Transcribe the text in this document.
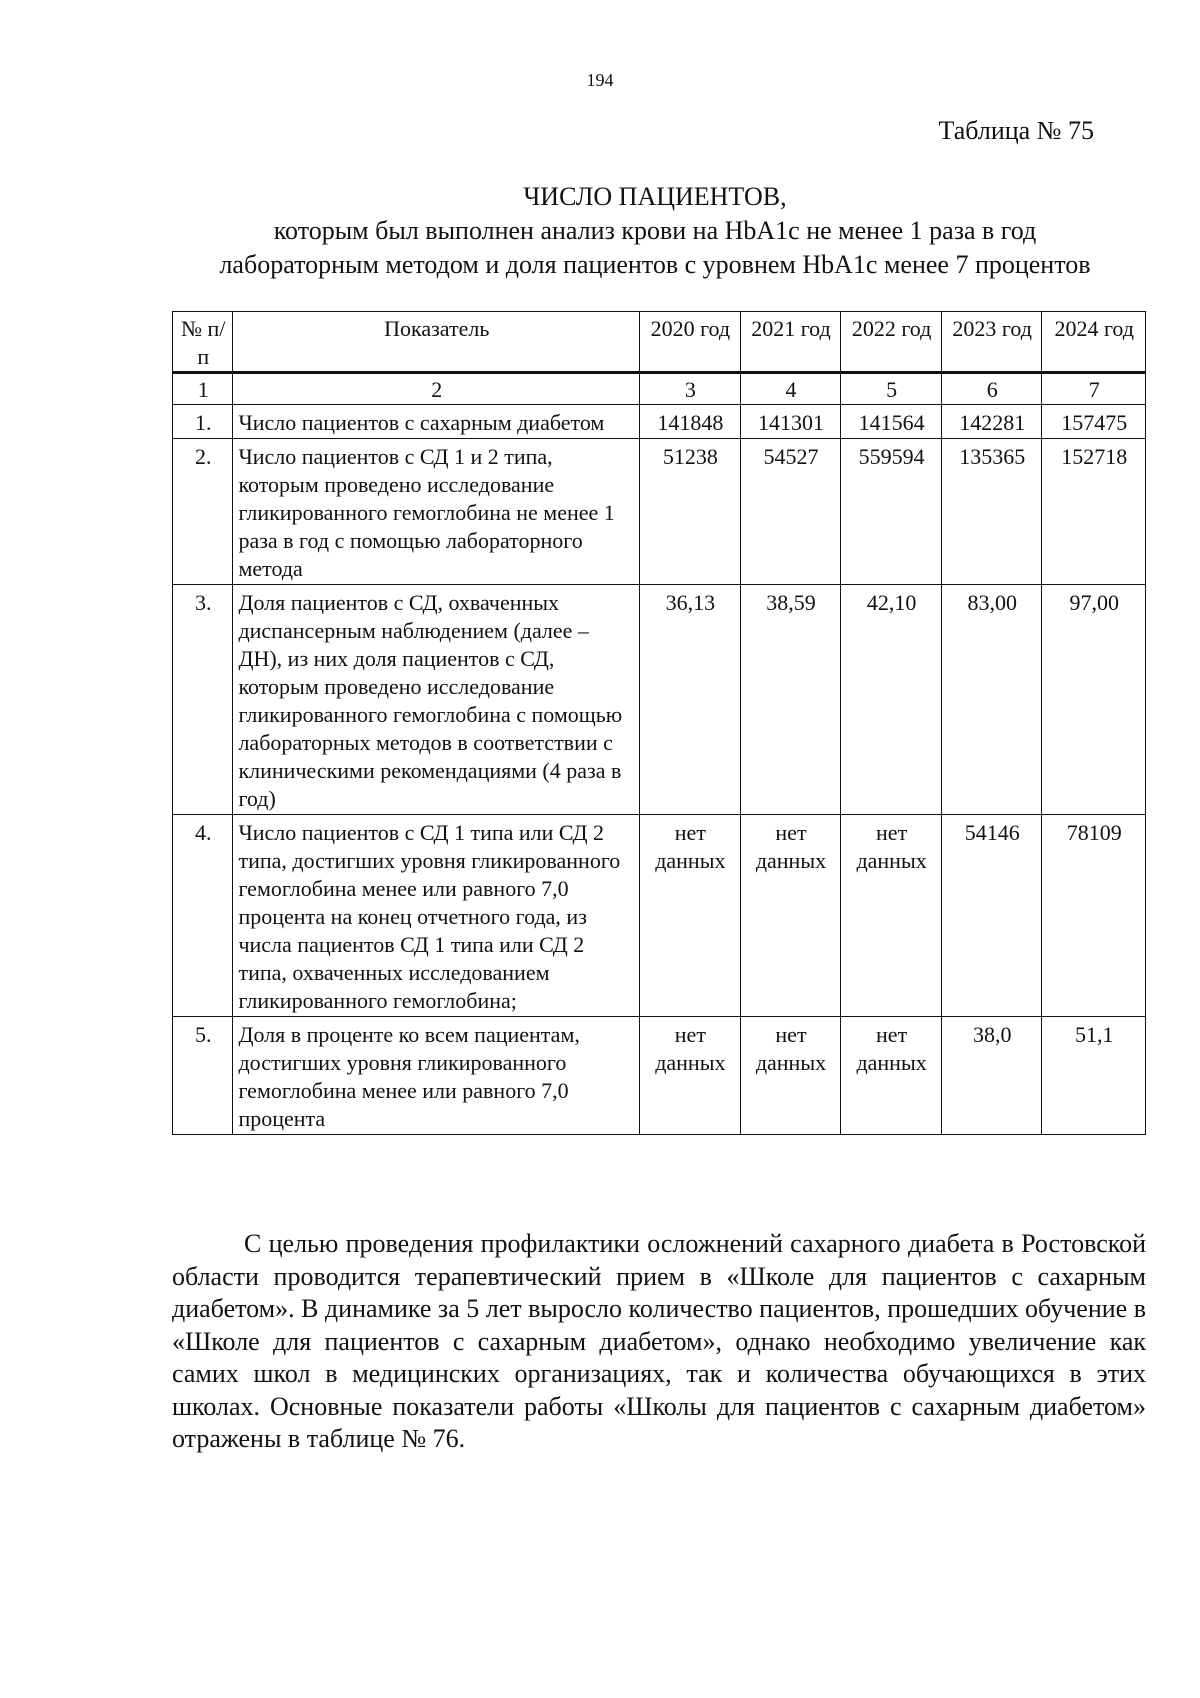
194
Таблица № 75
ЧИСЛО ПАЦИЕНТОВ,
которым был выполнен анализ крови на HbA1c не менее 1 раза в год
лабораторным методом и доля пациентов с уровнем HbA1c менее 7 процентов
№ п/п	Показатель	2020 год	2021 год	2022 год	2023 год	2024 год
1	2	3	4	5	6	7
1.	Число пациентов с сахарным диабетом	141848	141301	141564	142281	157475
2.	Число пациентов с СД 1 и 2 типа, которым проведено исследование гликированного гемоглобина не менее 1 раза в год с помощью лабораторного метода	51238	54527	559594	135365	152718
3.	Доля пациентов с СД, охваченных диспансерным наблюдением (далее – ДН), из них доля пациентов с СД, которым проведено исследование гликированного гемоглобина с помощью лабораторных методов в соответствии с клиническими рекомендациями (4 раза в год)	36,13	38,59	42,10	83,00	97,00
4.	Число пациентов с СД 1 типа или СД 2 типа, достигших уровня гликированного гемоглобина менее или равного 7,0 процента на конец отчетного года, из числа пациентов СД 1 типа или СД 2 типа, охваченных исследованием гликированного гемоглобина;	нет данных	нет данных	нет данных	54146	78109
5.	Доля в проценте ко всем пациентам, достигших уровня гликированного гемоглобина менее или равного 7,0 процента	нет данных	нет данных	нет данных	38,0	51,1

С целью проведения профилактики осложнений сахарного диабета в Ростовской области проводится терапевтический прием в «Школе для пациентов с сахарным диабетом». В динамике за 5 лет выросло количество пациентов, прошедших обучение в «Школе для пациентов с сахарным диабетом», однако необходимо увеличение как самих школ в медицинских организациях, так и количества обучающихся в этих школах. Основные показатели работы «Школы для пациентов с сахарным диабетом» отражены в таблице № 76.
